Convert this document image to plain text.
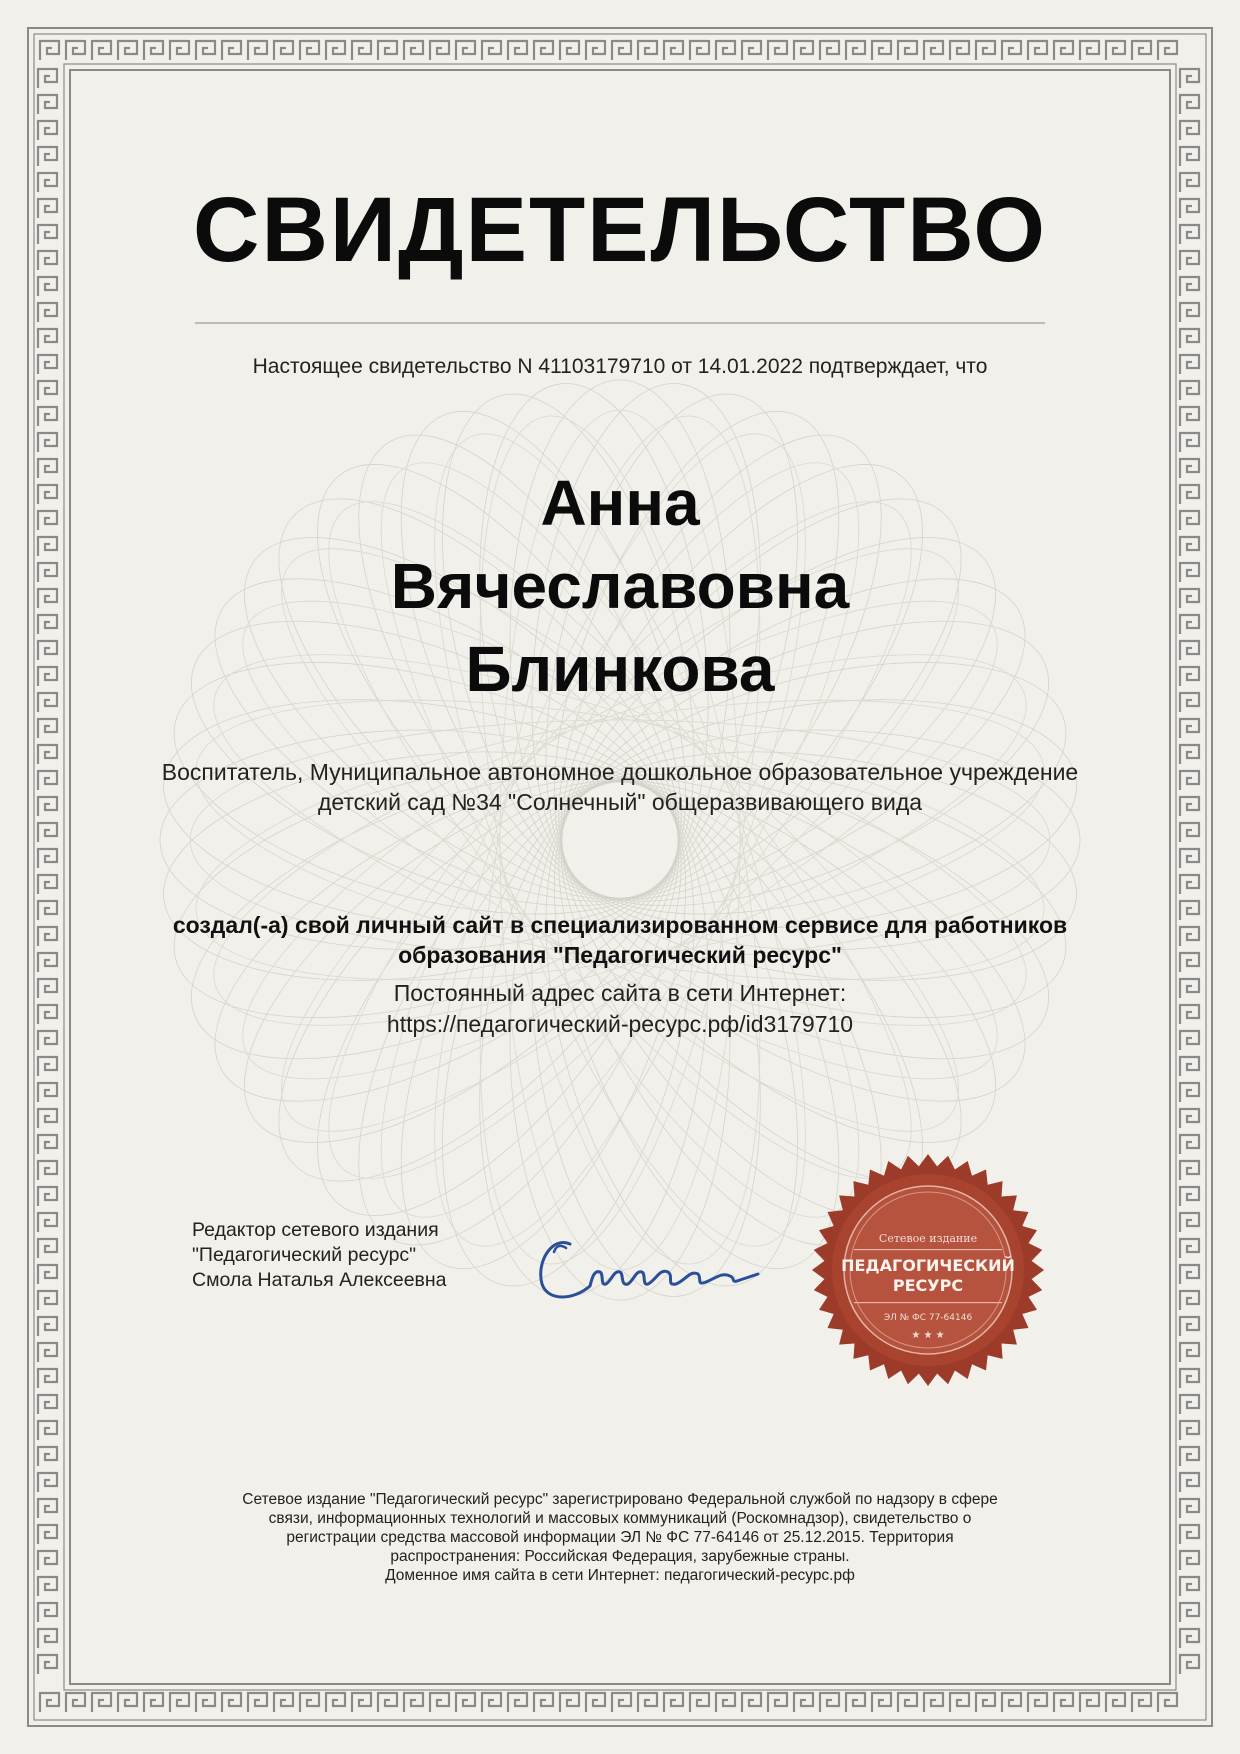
СВИДЕТЕЛЬСТВО
Настоящее свидетельство N 41103179710 от 14.01.2022 подтверждает, что
Анна
Вячеславовна
Блинкова
Воспитатель, Муниципальное автономное дошкольное образовательное учреждение детский сад №34 "Солнечный" общеразвивающего вида
создал(-а) свой личный сайт в специализированном сервисе для работников образования "Педагогический ресурс"
Постоянный адрес сайта в сети Интернет:
https://педагогический-ресурс.рф/id3179710
Редактор сетевого издания
"Педагогический ресурс"
Смола Наталья Алексеевна
Сетевое издание
ПЕДАГОГИЧЕСКИЙ
РЕСУРС
ЭЛ № ФС 77-64146
★ ★ ★
Сетевое издание "Педагогический ресурс" зарегистрировано Федеральной службой по надзору в сфере
связи, информационных технологий и массовых коммуникаций (Роскомнадзор), свидетельство о
регистрации средства массовой информации ЭЛ № ФС 77-64146 от 25.12.2015. Территория
распространения: Российская Федерация, зарубежные страны.
Доменное имя сайта в сети Интернет: педагогический-ресурс.рф
